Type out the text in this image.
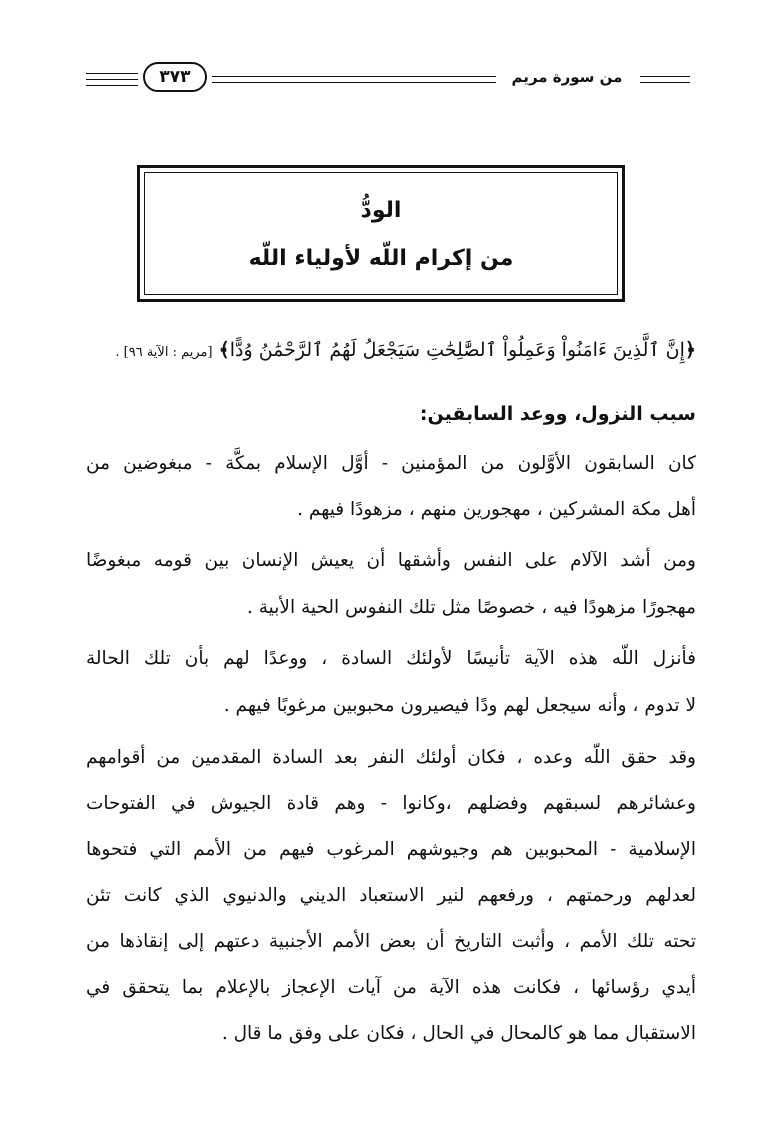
٣٧٣	من سورة مريم
الودُّ
من إكرام اللّه لأولياء اللّه
﴿إِنَّ ٱلَّذِينَ ءَامَنُواْ وَعَمِلُواْ ٱلصَّٰلِحَٰتِ سَيَجْعَلُ لَهُمُ ٱلرَّحْمَٰنُ وُدًّا﴾ [مريم : الآية ٩٦] .
سبب النزول، ووعد السابقين:
كان السابقون الأوَّلون من المؤمنين - أوَّل الإسلام بمكَّة - مبغوضين من
أهل مكة المشركين ، مهجورين منهم ، مزهودًا فيهم .
ومن أشد الآلام على النفس وأشقها أن يعيش الإنسان بين قومه مبغوضًا
مهجورًا مزهودًا فيه ، خصوصًا مثل تلك النفوس الحية الأبية .
فأنزل اللّه هذه الآية تأنيسًا لأولئك السادة ، ووعدًا لهم بأن تلك الحالة
لا تدوم ، وأنه سيجعل لهم ودًا فيصيرون محبوبين مرغوبًا فيهم .
وقد حقق اللّه وعده ، فكان أولئك النفر بعد السادة المقدمين من أقوامهم
وعشائرهم لسبقهم وفضلهم ،وكانوا - وهم قادة الجيوش في الفتوحات
الإسلامية - المحبوبين هم وجيوشهم المرغوب فيهم من الأمم التي فتحوها
لعدلهم ورحمتهم ، ورفعهم لنير الاستعباد الديني والدنيوي الذي كانت تئن
تحته تلك الأمم ، وأثبت التاريخ أن بعض الأمم الأجنبية دعتهم إلى إنقاذها من
أيدي رؤسائها ، فكانت هذه الآية من آيات الإعجاز بالإعلام بما يتحقق في
الاستقبال مما هو كالمحال في الحال ، فكان على وفق ما قال .
